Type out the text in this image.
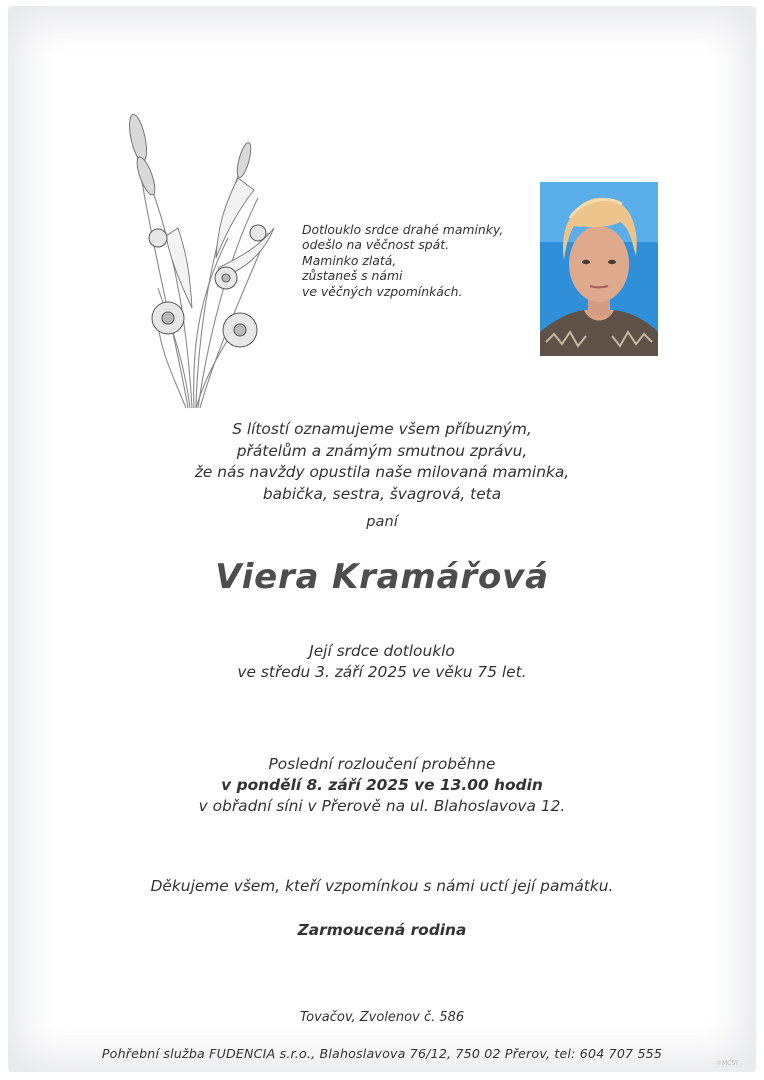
Dotlouklo srdce drahé maminky,
odešlo na věčnost spát.
Maminko zlatá,
zůstaneš s námi
ve věčných vzpomínkách.
S lítostí oznamujeme všem příbuzným,
přátelům a známým smutnou zprávu,
že nás navždy opustila naše milovaná maminka,
babička, sestra, švagrová, teta
paní
Viera Kramářová
Její srdce dotlouklo
ve středu 3. září 2025 ve věku 75 let.
Poslední rozloučení proběhne
v pondělí 8. září 2025 ve 13.00 hodin
v obřadní síni v Přerově na ul. Blahoslavova 12.
Děkujeme všem, kteří vzpomínkou s námi uctí její památku.
Zarmoucená rodina
Tovačov, Zvolenov č. 586
Pohřební služba FUDENCIA s.r.o., Blahoslavova 76/12, 750 02 Přerov, tel: 604 707 555
©MCST
